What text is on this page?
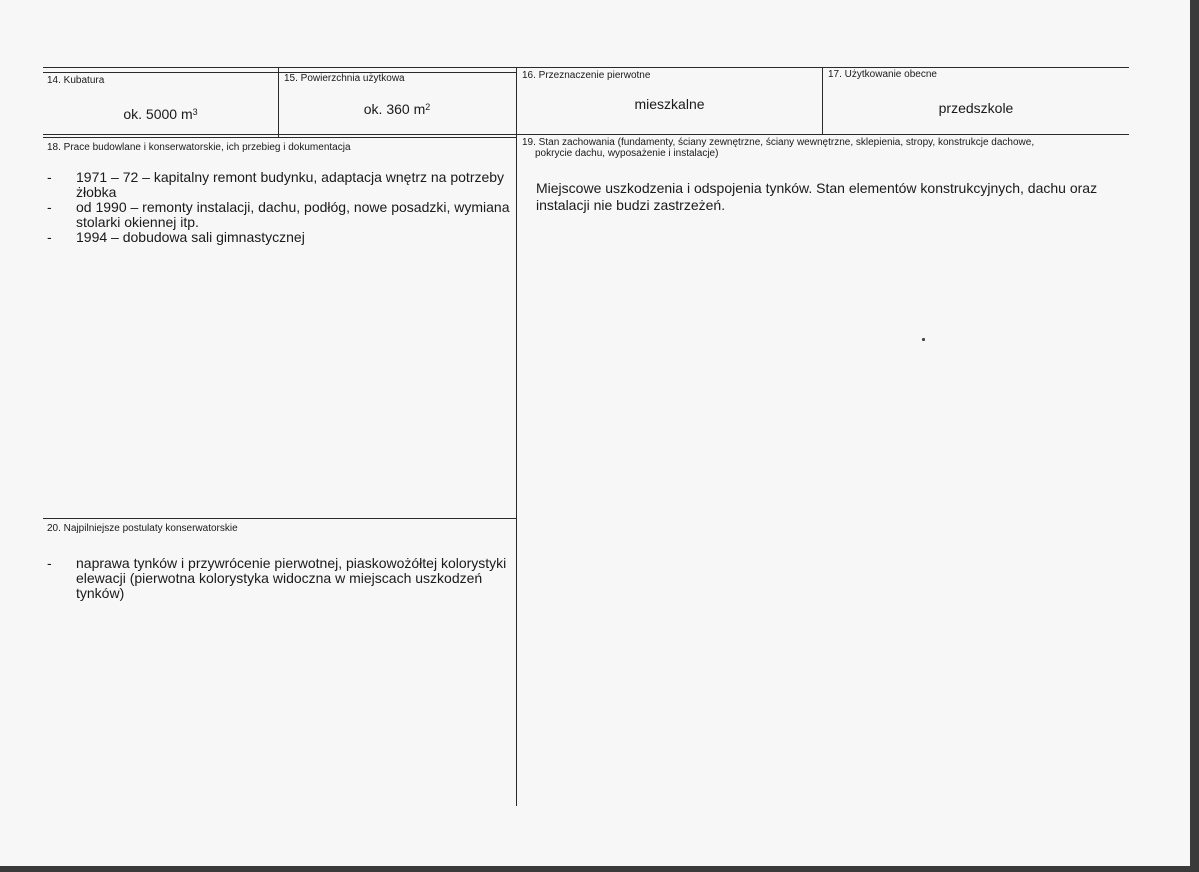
14. Kubatura
ok. 5000 $m^3$
15. Powierzchnia użytkowa
ok. 360 $m^2$
16. Przeznaczenie pierwotne
mieszkalne
17. Użytkowanie obecne
przedszkole
18. Prace budowlane i konserwatorskie, ich przebieg i dokumentacja
- 1971 – 72 – kapitalny remont budynku, adaptacja wnętrz na potrzeby żłobka
- od 1990 – remonty instalacji, dachu, podłóg, nowe posadzki, wymiana stolarki okiennej itp.
- 1994 – dobudowa sali gimnastycznej
19. Stan zachowania (fundamenty, ściany zewnętrzne, ściany wewnętrzne, sklepienia, stropy, konstrukcje dachowe,
pokrycie dachu, wyposażenie i instalacje)

Miejscowe uszkodzenia i odspojenia tynków. Stan elementów konstrukcyjnych, dachu oraz instalacji nie budzi zastrzeżeń.

20. Najpilniejsze postulaty konserwatorskie
- naprawa tynków i przywrócenie pierwotnej, piaskowożółtej kolorystyki elewacji (pierwotna kolorystyka widoczna w miejscach uszkodzeń tynków)
